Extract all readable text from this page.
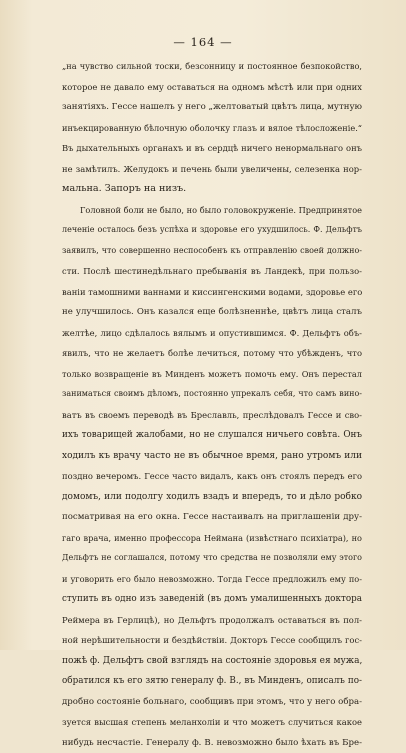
— 164 —
„на чувство сильной тоски, безсонницу и постоянное безпокойство,
которое не давало ему оставаться на одномъ мѣстѣ или при одних
занятіяхъ. Гессе нашелъ у него „желтоватый цвѣтъ лица, мутную
инъекцированную бѣлочную оболочку глазъ и вялое тѣлосложеніе.“
Въ дыхательныхъ органахъ и въ сердцѣ ничего ненормальнаго онъ
не замѣтилъ. Желудокъ и печень были увеличены, селезенка нор-
мальна. Запоръ на низъ.
Головной боли не было, но было головокруженіе. Предпринятое
леченіе осталось безъ успѣха и здоровье его ухудшилось. Ф. Дельфтъ
заявилъ, что совершенно неспособенъ къ отправленію своей должно-
сти. Послѣ шестинедѣльнаго пребыванія въ Ландекѣ, при пользо-
ваніи тамошними ваннами и киссингенскими водами, здоровье его
не улучшилось. Онъ казался еще болѣзненнѣе, цвѣтъ лица сталъ
желтѣе, лицо сдѣлалось вялымъ и опустившимся. Ф. Дельфтъ объ-
явилъ, что не желаетъ болѣе лечиться, потому что убѣжденъ, что
только возвращеніе въ Минденъ можетъ помочь ему. Онъ перестал
заниматься своимъ дѣломъ, постоянно упрекалъ себя, что самъ вино-
ватъ въ своемъ переводѣ въ Бреславль, преслѣдовалъ Гессе и сво-
ихъ товарищей жалобами, но не слушался ничьего совѣта. Онъ
ходилъ къ врачу часто не въ обычное время, рано утромъ или
поздно вечеромъ. Гессе часто видалъ, какъ онъ стоялъ передъ его
домомъ, или подолгу ходилъ взадъ и впередъ, то и дѣло робко
посматривая на его окна. Гессе настаивалъ на приглашеніи дру-
гаго врача, именно профессора Неймана (извѣстнаго психіатра), но
Дельфтъ не соглашался, потому что средства не позволяли ему этого
и уговорить его было невозможно. Тогда Гессе предложилъ ему по-
ступить въ одно изъ заведеній (въ домъ умалишенныхъ доктора
Реймера въ Герлицѣ), но Дельфтъ продолжалъ оставаться въ пол-
ной нерѣшительности и бездѣйствіи. Докторъ Гессе сообщилъ гос-
пожѣ ф. Дельфтъ свой взглядъ на состояніе здоровья ея мужа,
обратился къ его зятю генералу ф. В., въ Минденъ, описалъ по-
дробно состояніе больнаго, сообщивъ при этомъ, что у него обра-
зуется высшая степень меланхоліи и что можетъ случиться какое
нибудь несчастіе. Генералу ф. В. невозможно было ѣхать въ Бре-
